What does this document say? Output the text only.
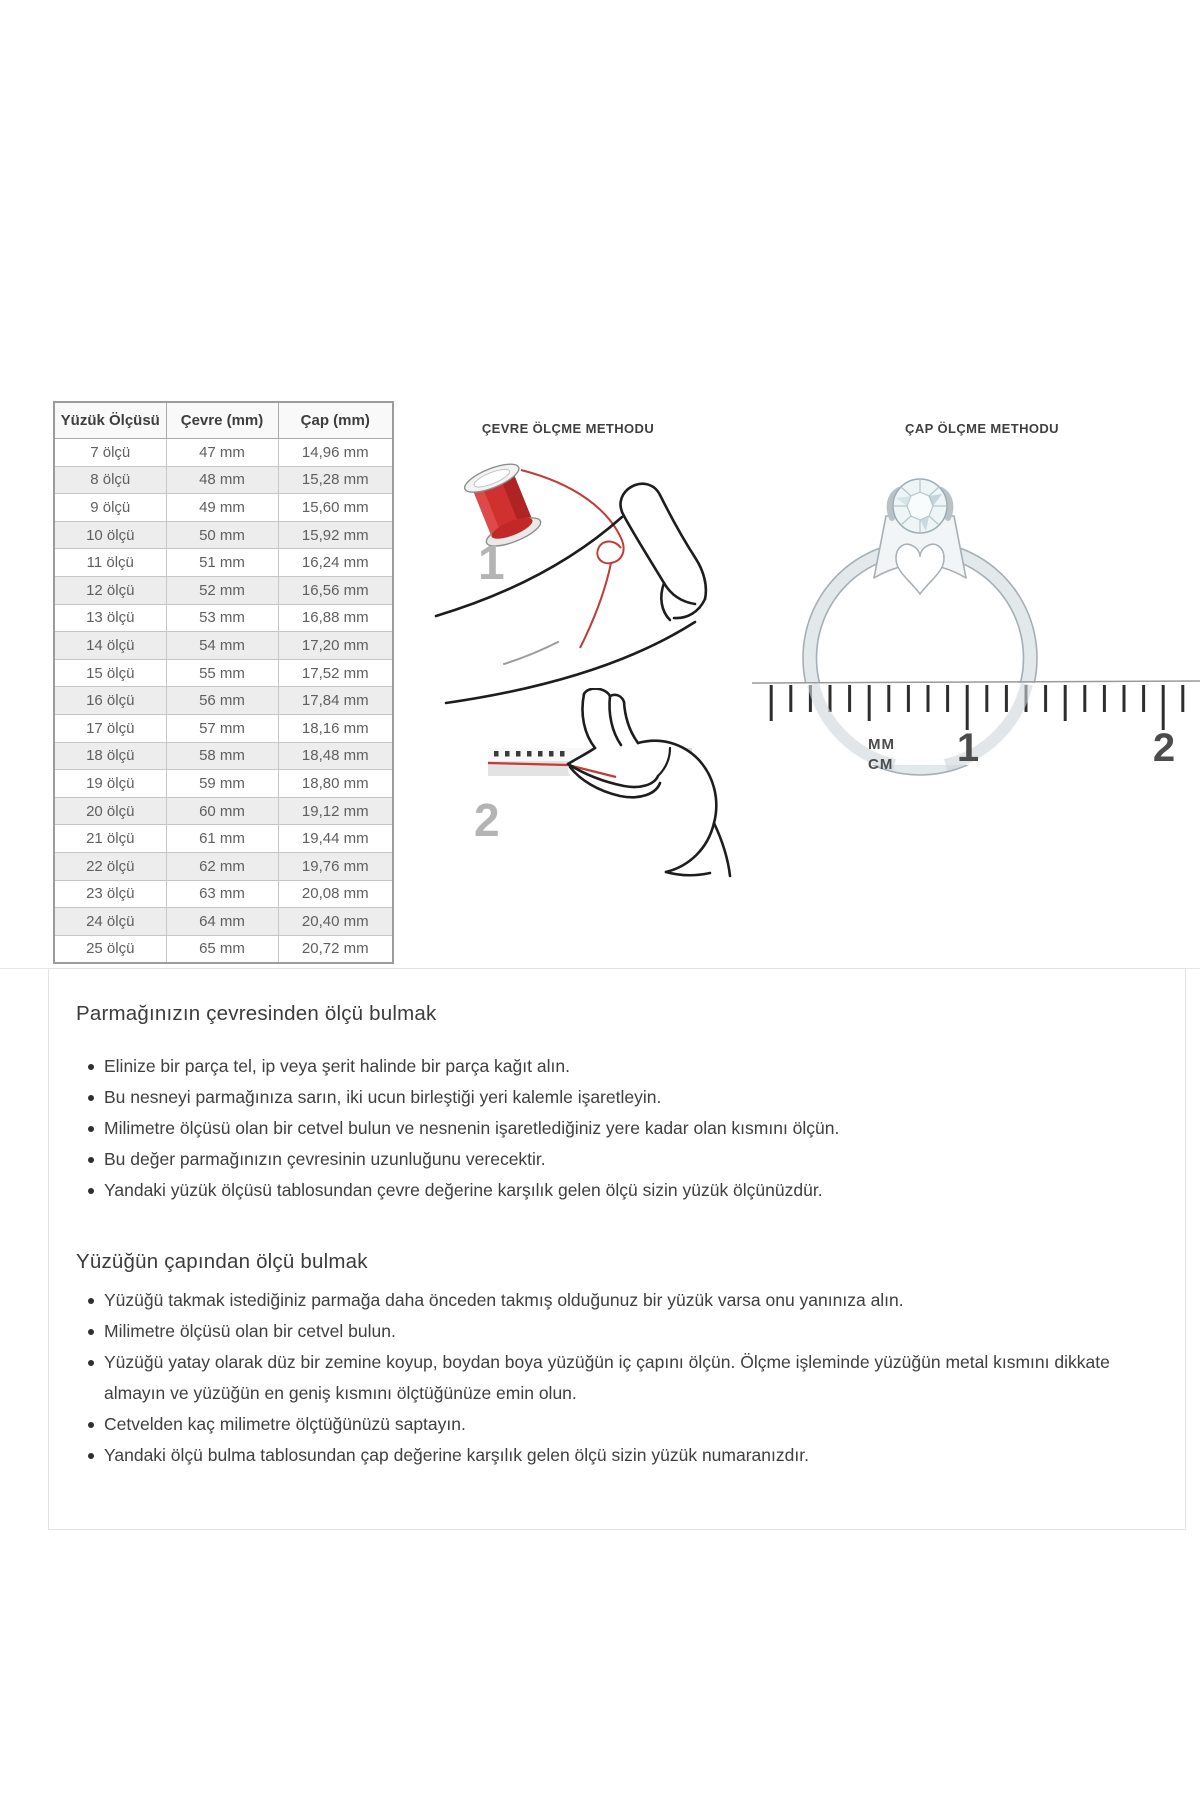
Yüzük Ölçüsü	Çevre (mm)	Çap (mm)
7 ölçü	47 mm	14,96 mm
8 ölçü	48 mm	15,28 mm
9 ölçü	49 mm	15,60 mm
10 ölçü	50 mm	15,92 mm
11 ölçü	51 mm	16,24 mm
12 ölçü	52 mm	16,56 mm
13 ölçü	53 mm	16,88 mm
14 ölçü	54 mm	17,20 mm
15 ölçü	55 mm	17,52 mm
16 ölçü	56 mm	17,84 mm
17 ölçü	57 mm	18,16 mm
18 ölçü	58 mm	18,48 mm
19 ölçü	59 mm	18,80 mm
20 ölçü	60 mm	19,12 mm
21 ölçü	61 mm	19,44 mm
22 ölçü	62 mm	19,76 mm
23 ölçü	63 mm	20,08 mm
24 ölçü	64 mm	20,40 mm
25 ölçü	65 mm	20,72 mm
ÇEVRE ÖLÇME METHODU	ÇAP ÖLÇME METHODU
1
2
MM
CM 1	2
Parmağınızın çevresinden ölçü bulmak
Elinize bir parça tel, ip veya şerit halinde bir parça kağıt alın.
Bu nesneyi parmağınıza sarın, iki ucun birleştiği yeri kalemle işaretleyin.
Milimetre ölçüsü olan bir cetvel bulun ve nesnenin işaretlediğiniz yere kadar olan kısmını ölçün.
Bu değer parmağınızın çevresinin uzunluğunu verecektir.
Yandaki yüzük ölçüsü tablosundan çevre değerine karşılık gelen ölçü sizin yüzük ölçünüzdür.
Yüzüğün çapından ölçü bulmak
Yüzüğü takmak istediğiniz parmağa daha önceden takmış olduğunuz bir yüzük varsa onu yanınıza alın.
Milimetre ölçüsü olan bir cetvel bulun.
Yüzüğü yatay olarak düz bir zemine koyup, boydan boya yüzüğün iç çapını ölçün. Ölçme işleminde yüzüğün metal kısmını dikkate almayın ve yüzüğün en geniş kısmını ölçtüğünüze emin olun.
Cetvelden kaç milimetre ölçtüğünüzü saptayın.
Yandaki ölçü bulma tablosundan çap değerine karşılık gelen ölçü sizin yüzük numaranızdır.
